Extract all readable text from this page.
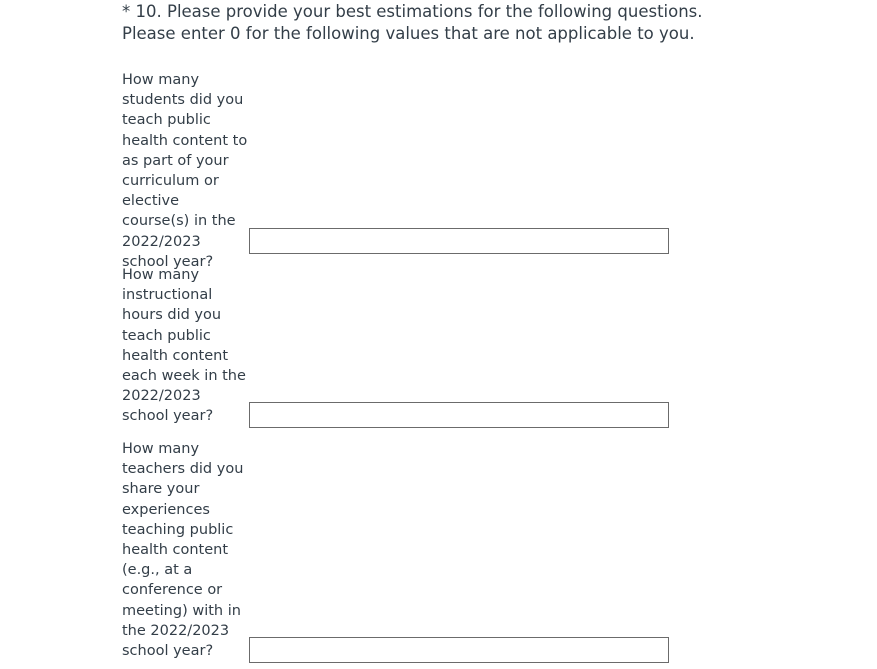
* 10. Please provide your best estimations for the following questions. Please enter 0 for the following values that are not applicable to you.
How many students did you teach public health content to as part of your curriculum or elective course(s) in the 2022/2023 school year?
How many instructional hours did you teach public health content each week in the 2022/2023 school year?
How many teachers did you share your experiences teaching public health content (e.g., at a conference or meeting) with in the 2022/2023 school year?
